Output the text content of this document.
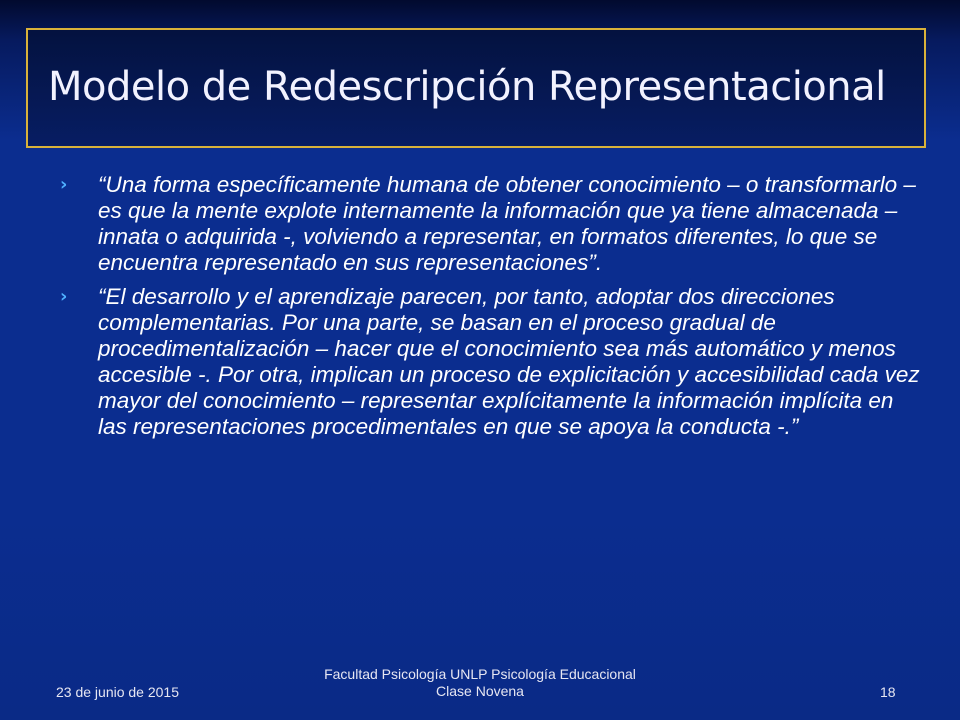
Modelo de Redescripción Representacional
› “Una forma específicamente humana de obtener conocimiento – o transformarlo – es que la mente explote internamente la información que ya tiene almacenada – innata o adquirida -, volviendo a representar, en formatos diferentes, lo que se encuentra representado en sus representaciones”.
› “El desarrollo y el aprendizaje parecen, por tanto, adoptar dos direcciones complementarias. Por una parte, se basan en el proceso gradual de procedimentalización – hacer que el conocimiento sea más automático y menos accesible -. Por otra, implican un proceso de explicitación y accesibilidad cada vez mayor del conocimiento – representar explícitamente la información implícita en las representaciones procedimentales en que se apoya la conducta -.”
23 de junio de 2015
Facultad Psicología UNLP Psicología Educacional
Clase Novena	18
